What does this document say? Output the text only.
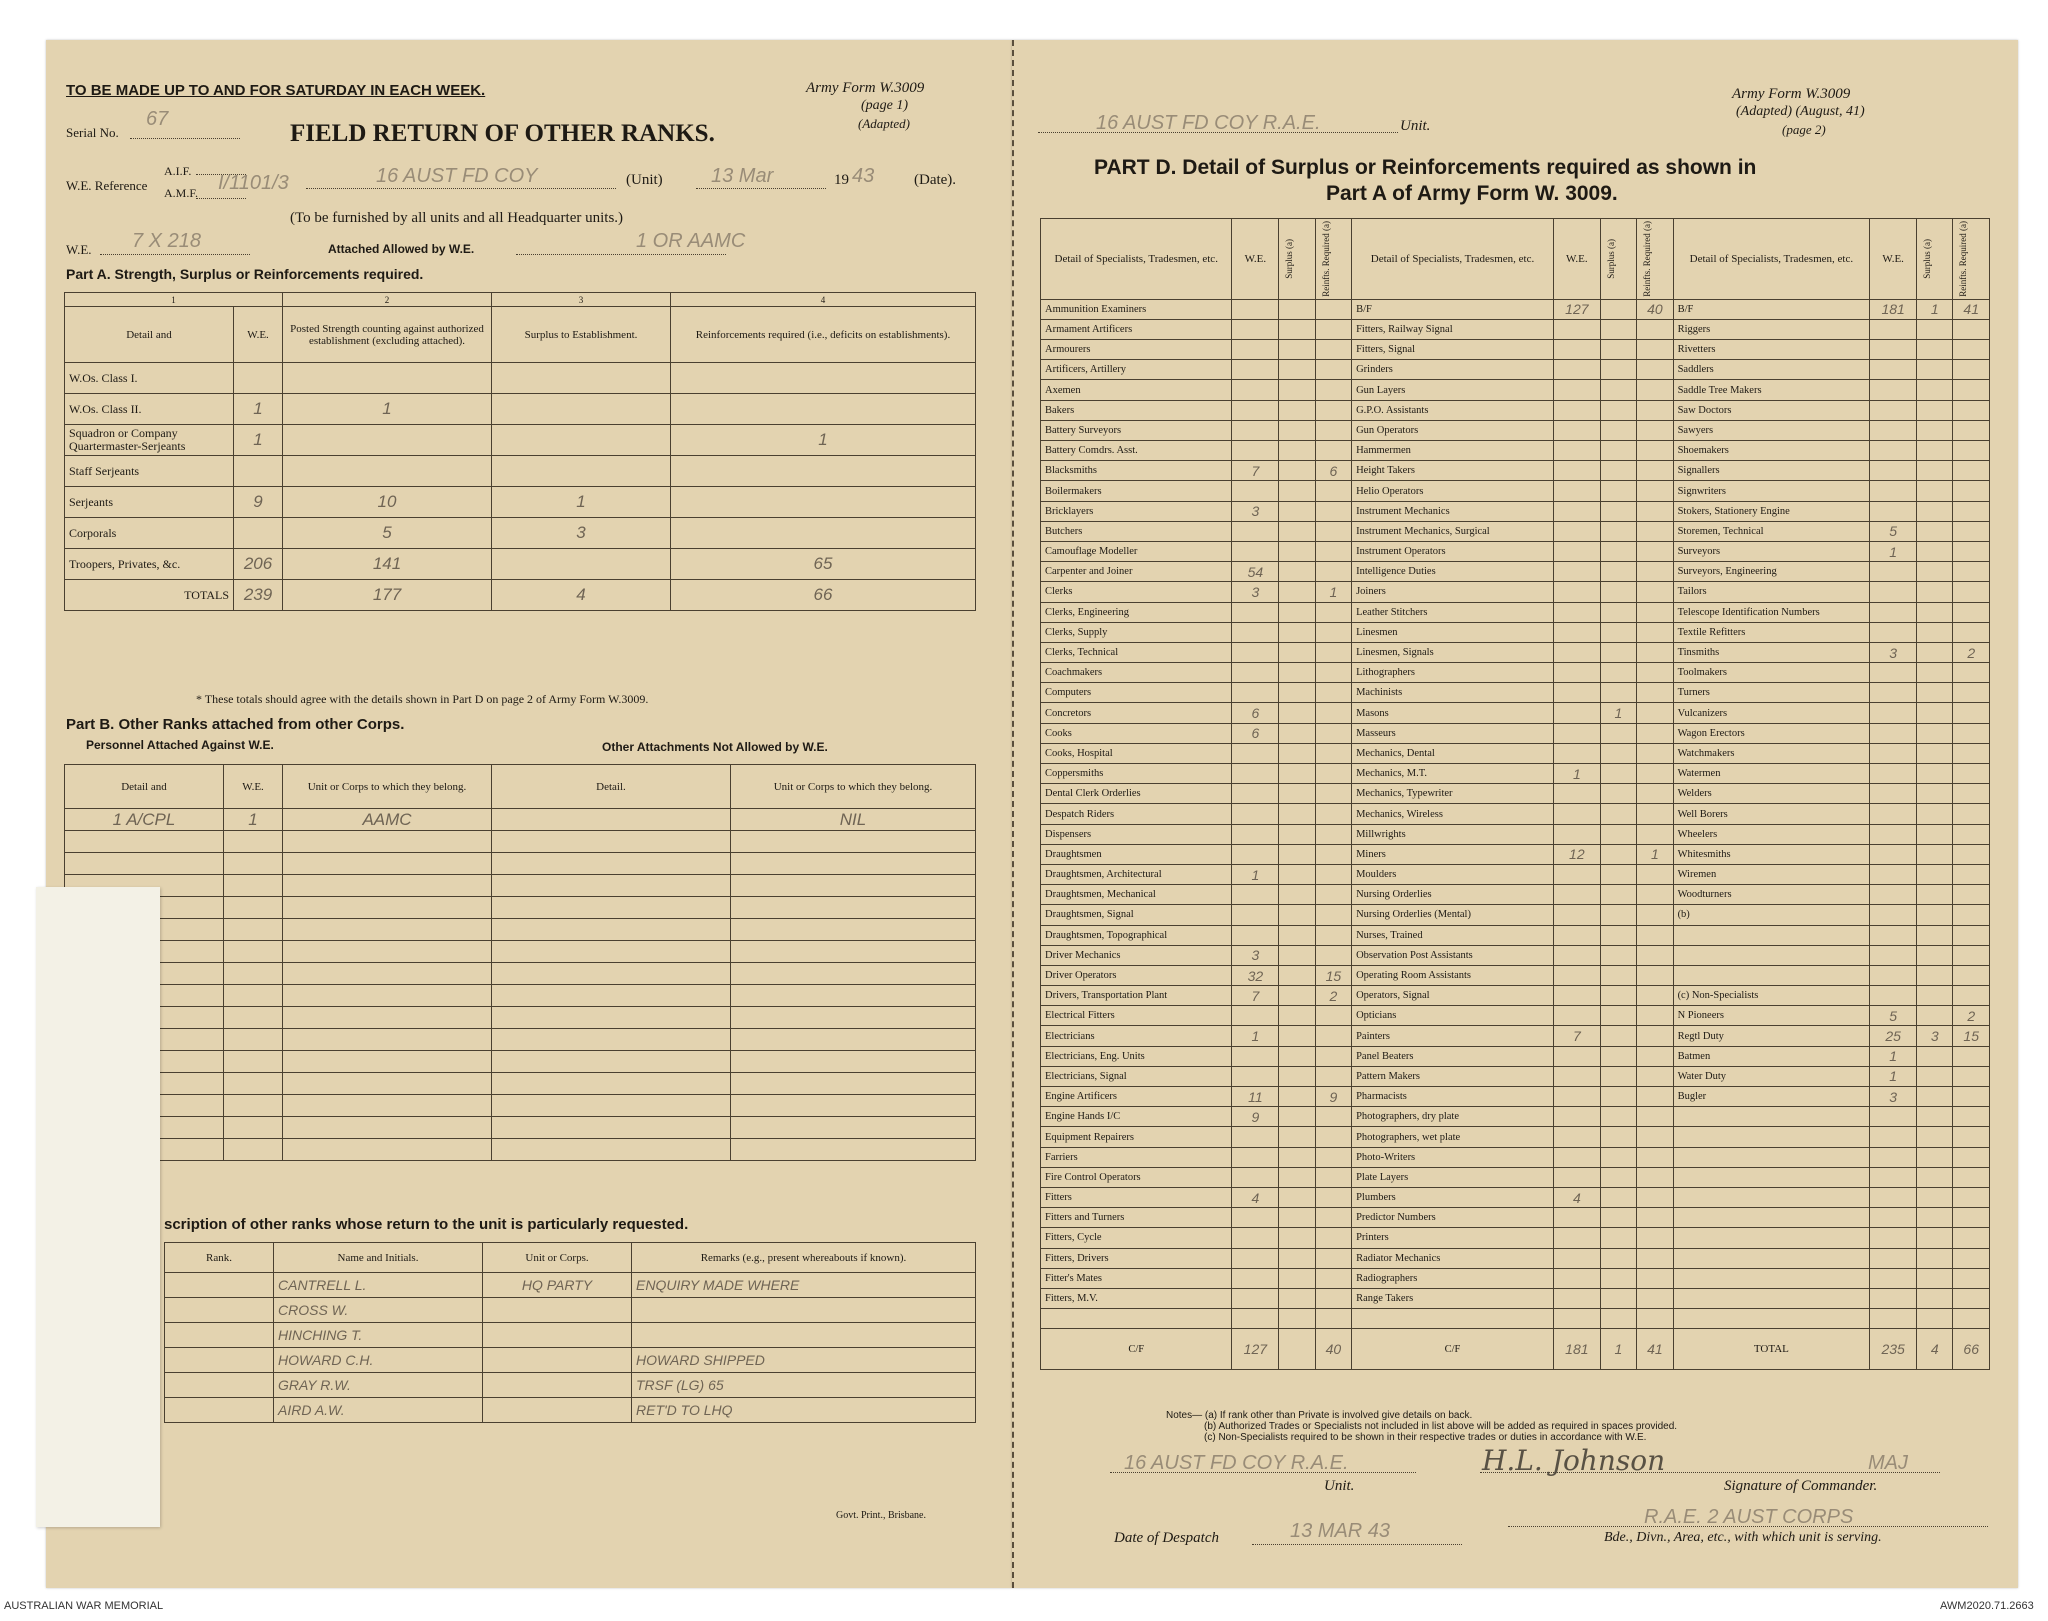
TO BE MADE UP TO AND FOR SATURDAY IN EACH WEEK.	Army Form W.3009
(page 1)
(Adapted)
Serial No.
67
FIELD RETURN OF OTHER RANKS.
W.E. Reference
A.I.F.
A.M.F. I/1101/3	16 AUST FD COY	(Unit) 13 Mar	19 43	(Date).
(To be furnished by all units and all Headquarter units.)
W.E. 7 X 218	Attached Allowed by W.E.	1 OR AAMC
Part A. Strength, Surplus or Reinforcements required.
1		2	3	4
Detail and	W.E.	Posted Strength counting against authorized establishment (excluding attached).	Surplus to Establishment.	Reinforcements required (i.e., deficits on establishments).
W.Os. Class I.				
W.Os. Class II.	1	1		
Squadron or Company Quartermaster-Serjeants	1			1
Staff Serjeants				
Serjeants	9	10	1	
Corporals		5	3	
Troopers, Privates, &c.	206	141		65
TOTALS	239	177	4	66
* These totals should agree with the details shown in Part D on page 2 of Army Form W.3009.
Part B. Other Ranks attached from other Corps.
Personnel Attached Against W.E.	Other Attachments Not Allowed by W.E.
Detail and	W.E.	Unit or Corps to which they belong.	Detail.	Unit or Corps to which they belong.
1 A/CPL	1	AAMC		NIL

scription of other ranks whose return to the unit is particularly requested.
Rank.	Name and Initials.	Unit or Corps.	Remarks (e.g., present whereabouts if known).
	CANTRELL L.	HQ PARTY	ENQUIRY MADE WHERE
	CROSS W.		
	HINCHING T.		
	HOWARD C.H.		HOWARD SHIPPED
	GRAY R.W.		TRSF (LG) 65
	AIRD A.W.		RET'D TO LHQ
Govt. Print., Brisbane.
16 AUST FD COY R.A.E.	Unit.
Army Form W.3009
(Adapted) (August, 41)
(page 2)
PART D. Detail of Surplus or Reinforcements required as shown in
Part A of Army Form W. 3009.
Detail of Specialists, Tradesmen, etc.	W.E.	Surplus (a)	Reinfts. Required (a)	Detail of Specialists, Tradesmen, etc.	W.E.	Surplus (a)	Reinfts. Required (a)	Detail of Specialists, Tradesmen, etc.	W.E.	Surplus (a)	Reinfts. Required (a)

Ammunition Examiners				B/F	127		40	B/F	181	1	41
Armament Artificers				Fitters, Railway Signal				Riggers			
Armourers				Fitters, Signal				Rivetters			
Artificers, Artillery				Grinders				Saddlers			
Axemen				Gun Layers				Saddle Tree Makers			
Bakers				G.P.O. Assistants				Saw Doctors			
Battery Surveyors				Gun Operators				Sawyers			
Battery Comdrs. Asst.				Hammermen				Shoemakers			
Blacksmiths	7		6	Height Takers				Signallers			
Boilermakers				Helio Operators				Signwriters			
Bricklayers	3			Instrument Mechanics				Stokers, Stationery Engine			
Butchers				Instrument Mechanics, Surgical				Storemen, Technical	5		
Camouflage Modeller				Instrument Operators				Surveyors	1		
Carpenter and Joiner	54			Intelligence Duties				Surveyors, Engineering			
Clerks	3		1	Joiners				Tailors			
Clerks, Engineering				Leather Stitchers				Telescope Identification Numbers			
Clerks, Supply				Linesmen				Textile Refitters			
Clerks, Technical				Linesmen, Signals				Tinsmiths	3		2
Coachmakers				Lithographers				Toolmakers			
Computers				Machinists				Turners			
Concretors	6			Masons		1		Vulcanizers			
Cooks	6			Masseurs				Wagon Erectors			
Cooks, Hospital				Mechanics, Dental				Watchmakers			
Coppersmiths				Mechanics, M.T.	1			Watermen			
Dental Clerk Orderlies				Mechanics, Typewriter				Welders			
Despatch Riders				Mechanics, Wireless				Well Borers			
Dispensers				Millwrights				Wheelers			
Draughtsmen				Miners	12		1	Whitesmiths			
Draughtsmen, Architectural	1			Moulders				Wiremen			
Draughtsmen, Mechanical				Nursing Orderlies				Woodturners			
Draughtsmen, Signal				Nursing Orderlies (Mental)				(b)			
Draughtsmen, Topographical				Nurses, Trained							
Driver Mechanics	3			Observation Post Assistants							
Driver Operators	32		15	Operating Room Assistants							
Drivers, Transportation Plant	7		2	Operators, Signal				(c) Non-Specialists			
Electrical Fitters				Opticians				N Pioneers	5		2
Electricians	1			Painters	7			Regtl Duty	25	3	15
Electricians, Eng. Units				Panel Beaters				Batmen	1		
Electricians, Signal				Pattern Makers				Water Duty	1		
Engine Artificers	11		9	Pharmacists				Bugler	3		
Engine Hands I/C	9			Photographers, dry plate							
Equipment Repairers				Photographers, wet plate							
Farriers				Photo-Writers							
Fire Control Operators				Plate Layers							
Fitters	4			Plumbers	4						
Fitters and Turners				Predictor Numbers							
Fitters, Cycle				Printers							
Fitters, Drivers				Radiator Mechanics							
Fitter's Mates				Radiographers							
Fitters, M.V.				Range Takers							

C/F	127		40	C/F	181	1	41	TOTAL	235	4	66
Notes— (a) If rank other than Private is involved give details on back.
(b) Authorized Trades or Specialists not included in list above will be added as required in spaces provided.
(c) Non-Specialists required to be shown in their respective trades or duties in accordance with W.E.
16 AUST FD COY R.A.E.
Unit.
H.L. Johnson	MAJ
Signature of Commander.
Date of Despatch	13 MAR 43
R.A.E. 2 AUST CORPS
Bde., Divn., Area, etc., with which unit is serving.
AUSTRALIAN WAR MEMORIAL	AWM2020.71.2663
